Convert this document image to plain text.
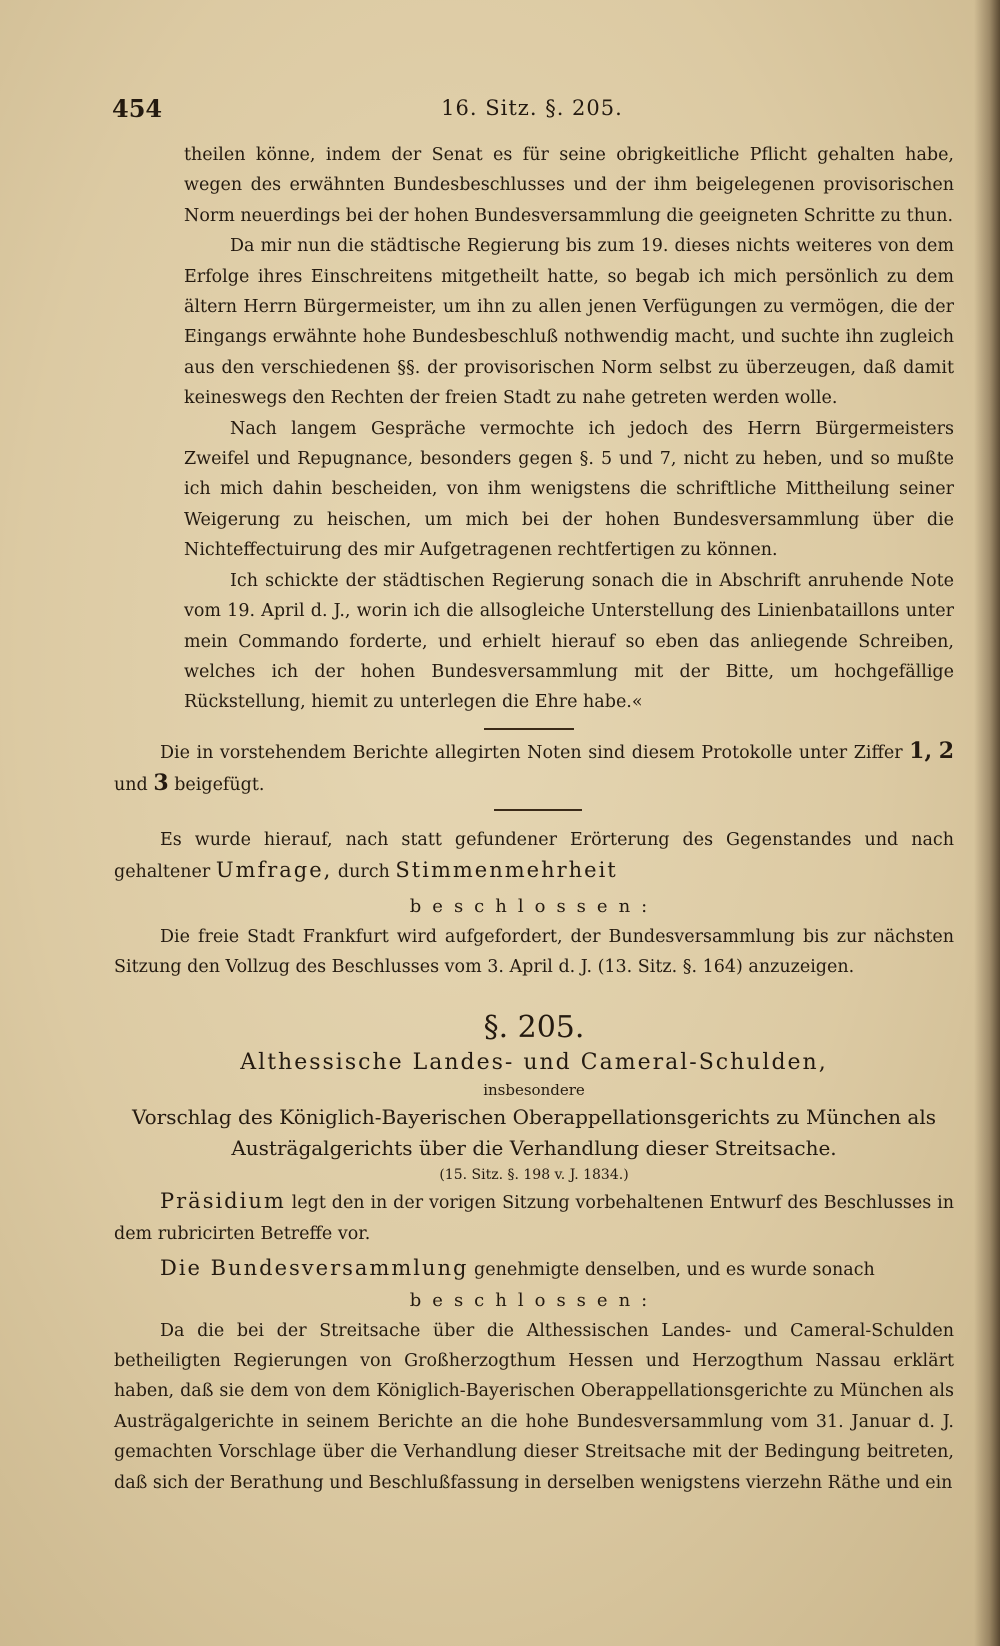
454	16. Sitz. §. 205.

theilen könne, indem der Senat es für seine obrigkeitliche Pflicht gehalten habe, wegen des erwähnten Bundesbeschlusses und der ihm beigelegenen provisorischen Norm neuerdings bei der hohen Bundesversammlung die geeigneten Schritte zu thun.

Da mir nun die städtische Regierung bis zum 19. dieses nichts weiteres von dem Erfolge ihres Einschreitens mitgetheilt hatte, so begab ich mich persönlich zu dem ältern Herrn Bürgermeister, um ihn zu allen jenen Verfügungen zu vermögen, die der Eingangs erwähnte hohe Bundesbeschluß nothwendig macht, und suchte ihn zugleich aus den verschiedenen §§. der provisorischen Norm selbst zu überzeugen, daß damit keineswegs den Rechten der freien Stadt zu nahe getreten werden wolle.

Nach langem Gespräche vermochte ich jedoch des Herrn Bürgermeisters Zweifel und Repugnance, besonders gegen §. 5 und 7, nicht zu heben, und so mußte ich mich dahin bescheiden, von ihm wenigstens die schriftliche Mittheilung seiner Weigerung zu heischen, um mich bei der hohen Bundesversammlung über die Nichteffectuirung des mir Aufgetragenen rechtfertigen zu können.

Ich schickte der städtischen Regierung sonach die in Abschrift anruhende Note vom 19. April d. J., worin ich die allsogleiche Unterstellung des Linienbataillons unter mein Commando forderte, und erhielt hierauf so eben das anliegende Schreiben, welches ich der hohen Bundesversammlung mit der Bitte, um hochgefällige Rückstellung, hiemit zu unterlegen die Ehre habe.«

Die in vorstehendem Berichte allegirten Noten sind diesem Protokolle unter Ziffer 1, 2 und 3 beigefügt.

Es wurde hierauf, nach statt gefundener Erörterung des Gegenstandes und nach gehaltener Umfrage, durch Stimmenmehrheit

beschlossen:

Die freie Stadt Frankfurt wird aufgefordert, der Bundesversammlung bis zur nächsten Sitzung den Vollzug des Beschlusses vom 3. April d. J. (13. Sitz. §. 164) anzuzeigen.

§. 205.
Althessische Landes- und Cameral-Schulden,
insbesondere

Vorschlag des Königlich-Bayerischen Oberappellationsgerichts zu München als Austrägalgerichts über die Verhandlung dieser Streitsache.

(15. Sitz. §. 198 v. J. 1834.)

Präsidium legt den in der vorigen Sitzung vorbehaltenen Entwurf des Beschlusses in dem rubricirten Betreffe vor.

Die Bundesversammlung genehmigte denselben, und es wurde sonach

beschlossen:

Da die bei der Streitsache über die Althessischen Landes- und Cameral-Schulden betheiligten Regierungen von Großherzogthum Hessen und Herzogthum Nassau erklärt haben, daß sie dem von dem Königlich-Bayerischen Oberappellationsgerichte zu München als Austrägalgerichte in seinem Berichte an die hohe Bundesversammlung vom 31. Januar d. J. gemachten Vorschlage über die Verhandlung dieser Streitsache mit der Bedingung beitreten, daß sich der Berathung und Beschlußfassung in derselben wenigstens vierzehn Räthe und ein
